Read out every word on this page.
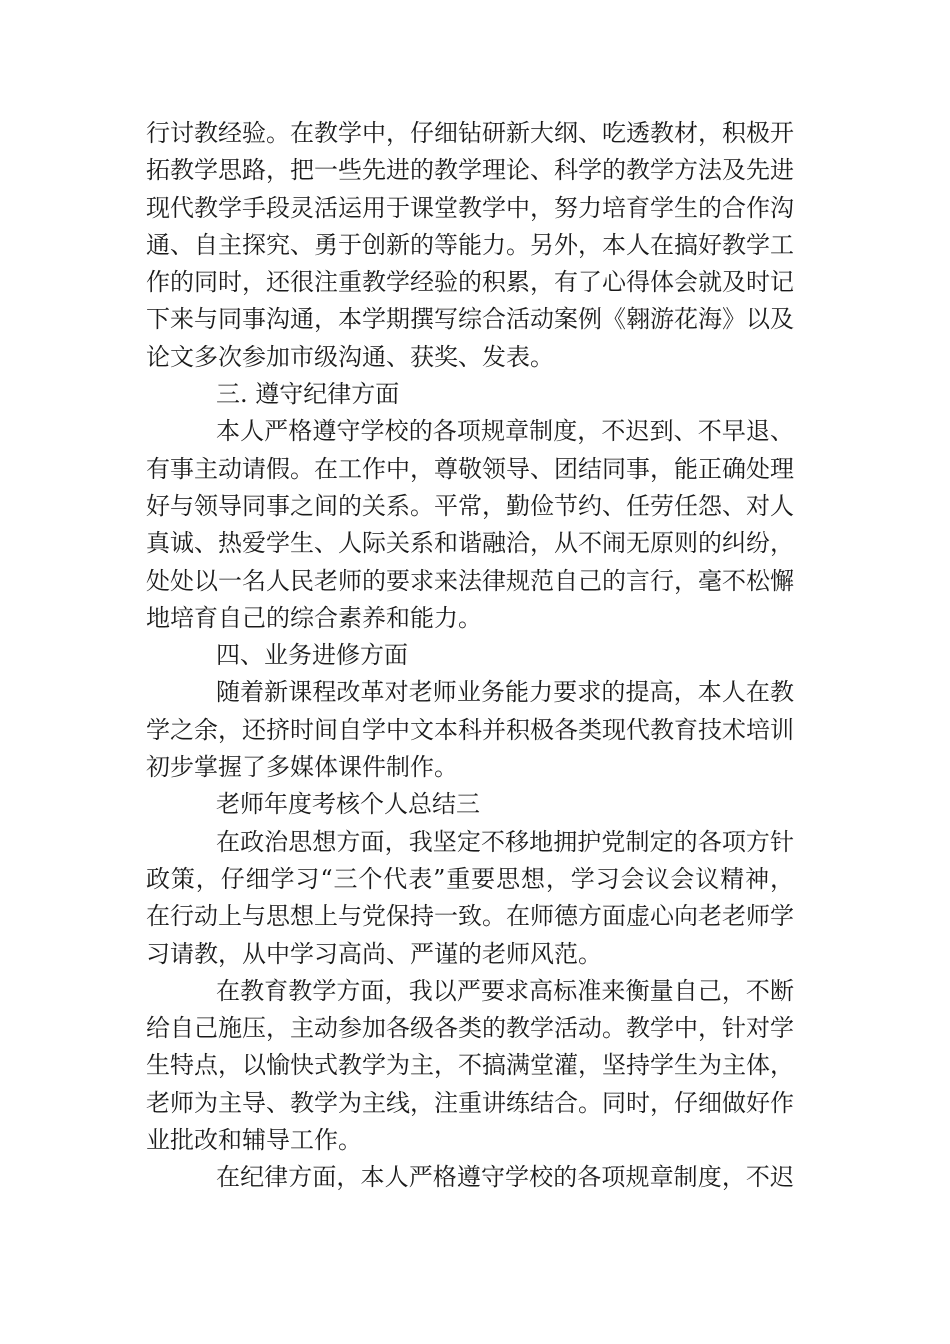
行讨教经验。在教学中，仔细钻研新大纲、吃透教材，积极开
拓教学思路，把一些先进的教学理论、科学的教学方法及先进
现代教学手段灵活运用于课堂教学中，努力培育学生的合作沟
通、自主探究、勇于创新的等能力。另外，本人在搞好教学工
作的同时，还很注重教学经验的积累，有了心得体会就及时记
下来与同事沟通，本学期撰写综合活动案例《翱游花海》以及
论文多次参加市级沟通、获奖、发表。
三. 遵守纪律方面
本人严格遵守学校的各项规章制度，不迟到、不早退、
有事主动请假。在工作中，尊敬领导、团结同事，能正确处理
好与领导同事之间的关系。平常，勤俭节约、任劳任怨、对人
真诚、热爱学生、人际关系和谐融洽，从不闹无原则的纠纷，
处处以一名人民老师的要求来法律规范自己的言行，毫不松懈
地培育自己的综合素养和能力。
四、业务进修方面
随着新课程改革对老师业务能力要求的提高，本人在教
学之余，还挤时间自学中文本科并积极各类现代教育技术培训
初步掌握了多媒体课件制作。
老师年度考核个人总结三
在政治思想方面，我坚定不移地拥护党制定的各项方针
政策，仔细学习“三个代表”重要思想，学习会议会议精神，
在行动上与思想上与党保持一致。在师德方面虚心向老老师学
习请教，从中学习高尚、严谨的老师风范。
在教育教学方面，我以严要求高标准来衡量自己，不断
给自己施压，主动参加各级各类的教学活动。教学中，针对学
生特点，以愉快式教学为主，不搞满堂灌，坚持学生为主体，
老师为主导、教学为主线，注重讲练结合。同时，仔细做好作
业批改和辅导工作。
在纪律方面，本人严格遵守学校的各项规章制度，不迟
